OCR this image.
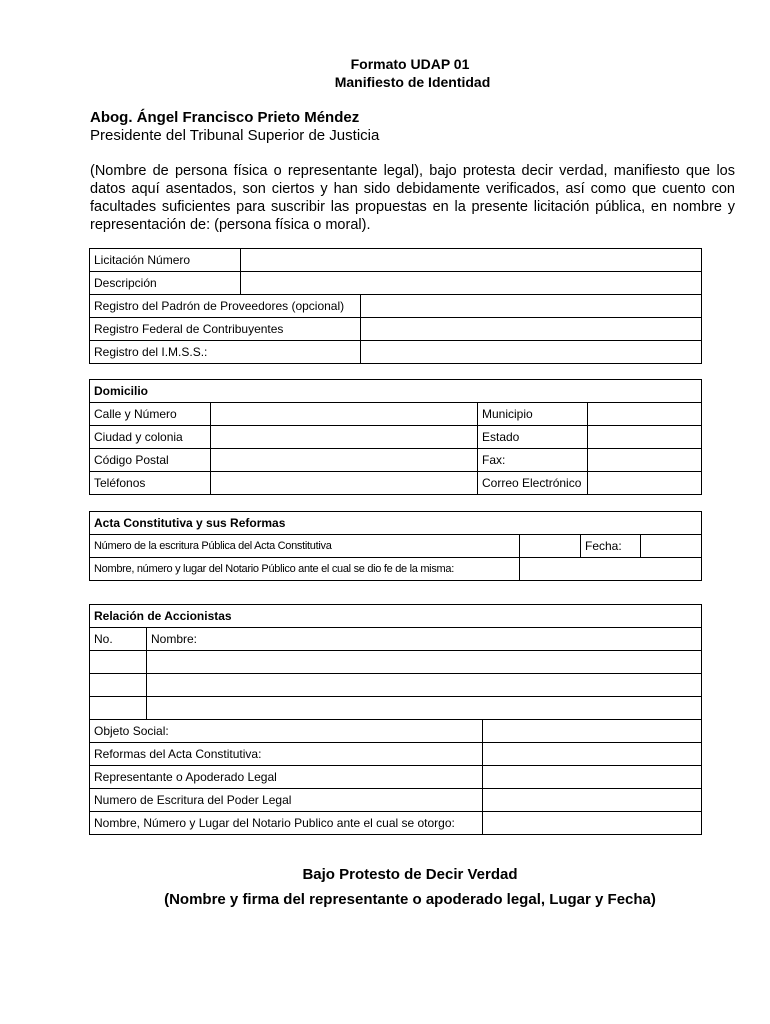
Formato UDAP 01
Manifiesto de Identidad
Abog. Ángel Francisco Prieto Méndez
Presidente del Tribunal Superior de Justicia
(Nombre de persona física o representante legal), bajo protesta decir verdad, manifiesto que los datos aquí asentados, son ciertos y han sido debidamente verificados, así como que cuento con facultades suficientes para suscribir las propuestas en la presente licitación pública, en nombre y representación de: (persona física o moral).
Licitación Número		
Descripción		
Registro del Padrón de Proveedores (opcional)		
Registro Federal de Contribuyentes		
Registro del I.M.S.S.:		
Domicilio			
Calle y Número		Municipio	
Ciudad y colonia		Estado	
Código Postal		Fax:	
Teléfonos		Correo Electrónico	
Acta Constitutiva y sus Reformas			
Número de la escritura Pública del Acta Constitutiva		Fecha:	
Nombre, número y lugar del Notario Público ante el cual se dio fe de la misma:			
Relación de Accionistas		
No.	Nombre:	

Objeto Social:		
Reformas del Acta Constitutiva:		
Representante o Apoderado Legal		
Numero de Escritura del Poder Legal		
Nombre, Número y Lugar del Notario Publico ante el cual se otorgo:		
Bajo Protesto de Decir Verdad
(Nombre y firma del representante o apoderado legal, Lugar y Fecha)
